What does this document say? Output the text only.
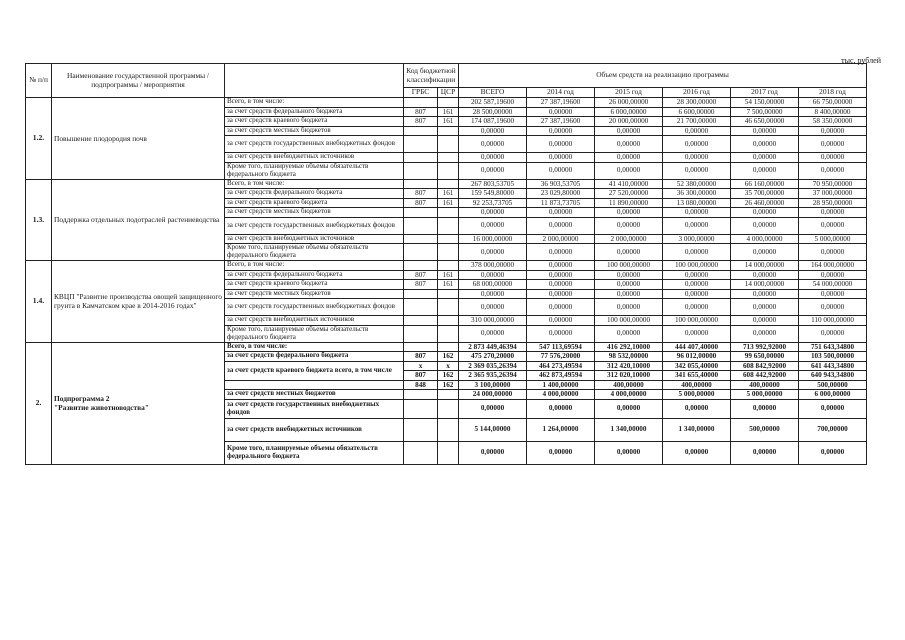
тыс. рублей
№ п/п	Наименование государственной программы / подпрограммы / мероприятия		Код бюджетной классификации		Объем средств на реализацию программы					

			ГРБС	ЦСР	ВСЕГО	2014 год	2015 год	2016 год	2017 год	2018 год
1.2.	Повышение плодородия почв	Всего, в том числе:			202 587,19600	27 387,19600	26 000,00000	28 300,00000	54 150,00000	66 750,00000
		за счет средств федерального бюджета	807	161	28 500,00000	0,00000	6 000,00000	6 600,00000	7 500,00000	8 400,00000
		за счет средств краевого бюджета	807	161	174 087,19600	27 387,19600	20 000,00000	21 700,00000	46 650,00000	58 350,00000
		за счет средств местных бюджетов			0,00000	0,00000	0,00000	0,00000	0,00000	0,00000
		за счет средств государственных внебюджетных фондов			0,00000	0,00000	0,00000	0,00000	0,00000	0,00000
		за счет средств внебюджетных источников			0,00000	0,00000	0,00000	0,00000	0,00000	0,00000
		Кроме того, планируемые объемы обязательств федерального бюджета			0,00000	0,00000	0,00000	0,00000	0,00000	0,00000
1.3.	Поддержка отдельных подотраслей растениеводства	Всего, в том числе:			267 803,53705	36 903,53705	41 410,00000	52 380,00000	66 160,00000	70 950,00000
		за счет средств федерального бюджета	807	161	159 549,80000	23 029,80000	27 520,00000	36 300,00000	35 700,00000	37 000,00000
		за счет средств краевого бюджета	807	161	92 253,73705	11 873,73705	11 890,00000	13 080,00000	26 460,00000	28 950,00000
		за счет средств местных бюджетов			0,00000	0,00000	0,00000	0,00000	0,00000	0,00000
		за счет средств государственных внебюджетных фондов			0,00000	0,00000	0,00000	0,00000	0,00000	0,00000
		за счет средств внебюджетных источников			16 000,00000	2 000,00000	2 000,00000	3 000,00000	4 000,00000	5 000,00000
		Кроме того, планируемые объемы обязательств федерального бюджета			0,00000	0,00000	0,00000	0,00000	0,00000	0,00000
1.4.	КВЦП "Развитие производства овощей защищенного грунта в Камчатском крае в 2014-2016 годах"	Всего, в том числе:			378 000,00000	0,00000	100 000,00000	100 000,00000	14 000,00000	164 000,00000
		за счет средств федерального бюджета	807	161	0,00000	0,00000	0,00000	0,00000	0,00000	0,00000
		за счет средств краевого бюджета	807	161	68 000,00000	0,00000	0,00000	0,00000	14 000,00000	54 000,00000
		за счет средств местных бюджетов			0,00000	0,00000	0,00000	0,00000	0,00000	0,00000
		за счет средств государственных внебюджетных фондов			0,00000	0,00000	0,00000	0,00000	0,00000	0,00000
		за счет средств внебюджетных источников			310 000,00000	0,00000	100 000,00000	100 000,00000	0,00000	110 000,00000
		Кроме того, планируемые объемы обязательств федерального бюджета			0,00000	0,00000	0,00000	0,00000	0,00000	0,00000
2.	Подпрограмма 2
"Развитие животноводства"	Всего, в том числе:			2 873 449,46394	547 113,69594	416 292,10000	444 407,40000	713 992,92000	751 643,34800
		за счет средств федерального бюджета	807	162	475 270,20000	77 576,20000	98 532,00000	96 012,00000	99 650,00000	103 500,00000
		за счет средств краевого бюджета всего, в том числе	x	x	2 369 035,26394	464 273,49594	312 420,10000	342 055,40000	608 842,92000	641 443,34800
			807	162	2 365 935,26394	462 873,49594	312 020,10000	341 655,40000	608 442,92000	640 943,34800
			848	162	3 100,00000	1 400,00000	400,00000	400,00000	400,00000	500,00000
		за счет средств местных бюджетов			24 000,00000	4 000,00000	4 000,00000	5 000,00000	5 000,00000	6 000,00000
		за счет средств государственных внебюджетных фондов			0,00000	0,00000	0,00000	0,00000	0,00000	0,00000
		за счет средств внебюджетных источников			5 144,00000	1 264,00000	1 340,00000	1 340,00000	500,00000	700,00000
		Кроме того, планируемые объемы обязательств федерального бюджета			0,00000	0,00000	0,00000	0,00000	0,00000	0,00000
